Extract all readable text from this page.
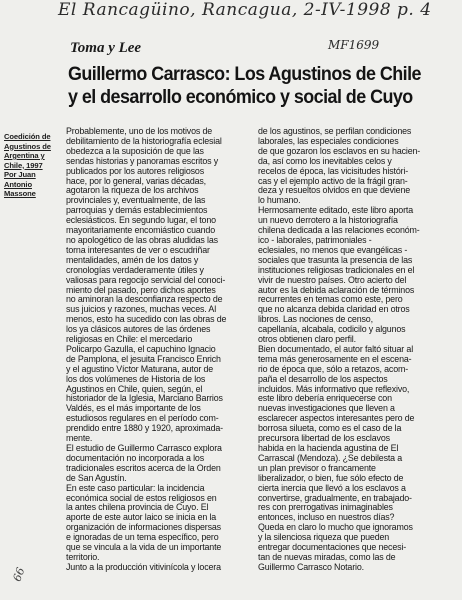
El Rancagüino, Rancagua, 2-IV-1998 p. 4
MF1699
Toma y Lee
Guillermo Carrasco: Los Agustinos de Chile
y el desarrollo económico y social de Cuyo
Coedición de
Agustinos de
Argentina y
Chile, 1997
Por Juan
Antonio
Massone
Probablemente, uno de los motivos de
debilitamiento de la historiografía eclesial
obedezca a la suposición de que las
sendas historias y panoramas escritos y
publicados por los autores religiosos
hace, por lo general, varias décadas,
agotaron la riqueza de los archivos
provinciales y, eventualmente, de las
parroquias y demás establecimientos
eclesiásticos. En segundo lugar, el tono
mayoritariamente encomiástico cuando
no apologético de las obras aludidas las
torna interesantes de ver o escudriñar
mentalidades, amén de los datos y
cronologías verdaderamente útiles y
valiosas para regocijo servicial del conoci-
miento del pasado, pero dichos aportes
no aminoran la desconfianza respecto de
sus juicios y razones, muchas veces. Al
menos, esto ha sucedido con las obras de
los ya clásicos autores de las órdenes
religiosas en Chile: el mercedario
Policarpo Gazulla, el capuchino Ignacio
de Pamplona, el jesuita Francisco Enrich
y el agustino Víctor Maturana, autor de
los dos volúmenes de Historia de los
Agustinos en Chile, quien, según, el
historiador de la Iglesia, Marciano Barrios
Valdés, es el más importante de los
estudiosos regulares en el período com-
prendido entre 1880 y 1920, aproximada-
mente.
El estudio de Guillermo Carrasco explora
documentación no incorporada a los
tradicionales escritos acerca de la Orden
de San Agustín.
En este caso particular: la incidencia
económica social de estos religiosos en
la antes chilena provincia de Cuyo. El
aporte de este autor laico se inicia en la
organización de informaciones dispersas
e ignoradas de un tema específico, pero
que se vincula a la vida de un importante
territorio.
Junto a la producción vitivinícola y locera
de los agustinos, se perfilan condiciones
laborales, las especiales condiciones
de que gozaron los esclavos en su hacien-
da, así como los inevitables celos y
recelos de época, las vicisitudes históri-
cas y el ejemplo activo de la frágil gran-
deza y resueltos olvidos en que deviene
lo humano.
Hermosamente editado, este libro aporta
un nuevo derrotero a la historiografía
chilena dedicada a las relaciones económ-
ico - laborales, patrimoniales -
eclesiales, no menos que evangélicas -
sociales que trasunta la presencia de las
instituciones religiosas tradicionales en el
vivir de nuestro países. Otro acierto del
autor es la debida aclaración de términos
recurrentes en temas como este, pero
que no alcanza debida claridad en otros
libros. Las nociones de censo,
capellanía, alcabala, codicilo y algunos
otros obtienen claro perfil.
Bien documentado, el autor faltó situar al
tema más generosamente en el escena-
rio de época que, sólo a retazos, acom-
paña el desarrollo de los aspectos
incluidos. Más informativo que reflexivo,
este libro debería enriquecerse con
nuevas investigaciones que lleven a
esclarecer aspectos interesantes pero de
borrosa silueta, como es el caso de la
precursora libertad de los esclavos
habida en la hacienda agustina de El
Carrascal (Mendoza). ¿Se debilesta a
un plan previsor o francamente
liberalizador, o bien, fue sólo efecto de
cierta inercia que llevó a los esclavos a
convertirse, gradualmente, en trabajado-
res con prerrogativas inimaginables
entonces, incluso en nuestros días?
Queda en claro lo mucho que ignoramos
y la silenciosa riqueza que pueden
entregar documentaciones que necesi-
tan de nuevas miradas, como las de
Guillermo Carrasco Notario.
66
